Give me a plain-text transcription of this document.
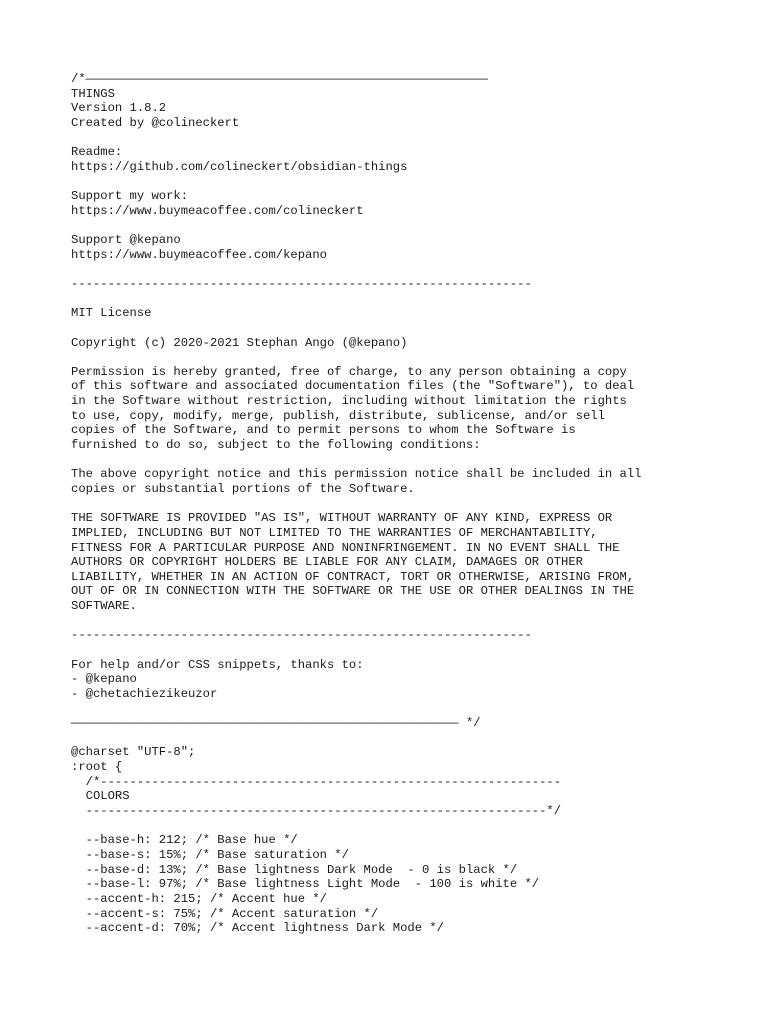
/*———————————————————————————————————————————————————————
THINGS
Version 1.8.2
Created by @colineckert
Readme:
https://github.com/colineckert/obsidian-things
Support my work:
https://www.buymeacoffee.com/colineckert
Support @kepano
https://www.buymeacoffee.com/kepano
---------------------------------------------------------------
MIT License
Copyright (c) 2020-2021 Stephan Ango (@kepano)
Permission is hereby granted, free of charge, to any person obtaining a copy
of this software and associated documentation files (the "Software"), to deal
in the Software without restriction, including without limitation the rights
to use, copy, modify, merge, publish, distribute, sublicense, and/or sell
copies of the Software, and to permit persons to whom the Software is
furnished to do so, subject to the following conditions:
The above copyright notice and this permission notice shall be included in all
copies or substantial portions of the Software.
THE SOFTWARE IS PROVIDED "AS IS", WITHOUT WARRANTY OF ANY KIND, EXPRESS OR
IMPLIED, INCLUDING BUT NOT LIMITED TO THE WARRANTIES OF MERCHANTABILITY,
FITNESS FOR A PARTICULAR PURPOSE AND NONINFRINGEMENT. IN NO EVENT SHALL THE
AUTHORS OR COPYRIGHT HOLDERS BE LIABLE FOR ANY CLAIM, DAMAGES OR OTHER
LIABILITY, WHETHER IN AN ACTION OF CONTRACT, TORT OR OTHERWISE, ARISING FROM,
OUT OF OR IN CONNECTION WITH THE SOFTWARE OR THE USE OR OTHER DEALINGS IN THE
SOFTWARE.
---------------------------------------------------------------
For help and/or CSS snippets, thanks to:
- @kepano
- @chetachiezikeuzor
————————————————————————————————————————————————————— */
@charset "UTF-8";
:root {
/*---------------------------------------------------------------
COLORS
---------------------------------------------------------------*/
--base-h: 212; /* Base hue */
--base-s: 15%; /* Base saturation */
--base-d: 13%; /* Base lightness Dark Mode  - 0 is black */
--base-l: 97%; /* Base lightness Light Mode  - 100 is white */
--accent-h: 215; /* Accent hue */
--accent-s: 75%; /* Accent saturation */
--accent-d: 70%; /* Accent lightness Dark Mode */
